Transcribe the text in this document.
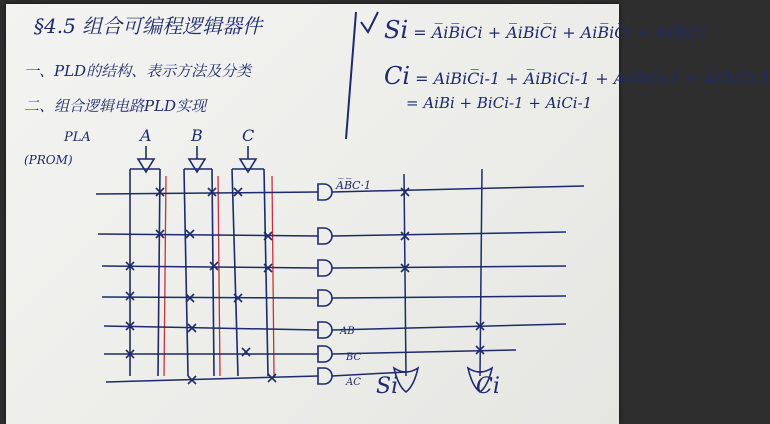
§4.5 组合可编程逻辑器件
一、PLD的结构、表示方法及分类
二、组合逻辑电路PLD实现
Si = A̅iB̅iCi + A̅iBiC̅i + AiB̅iC̅i + AiBiCi
Ci = AiBiC̅i-1 + A̅iBiCi-1 + AiB̅iCi-1 + AiBiCi-1
= AiBi + BiCi-1 + AiCi-1
PLA
(PROM)
A B C
A̅B̅C·1
AB
BC
AC Si	Ci
